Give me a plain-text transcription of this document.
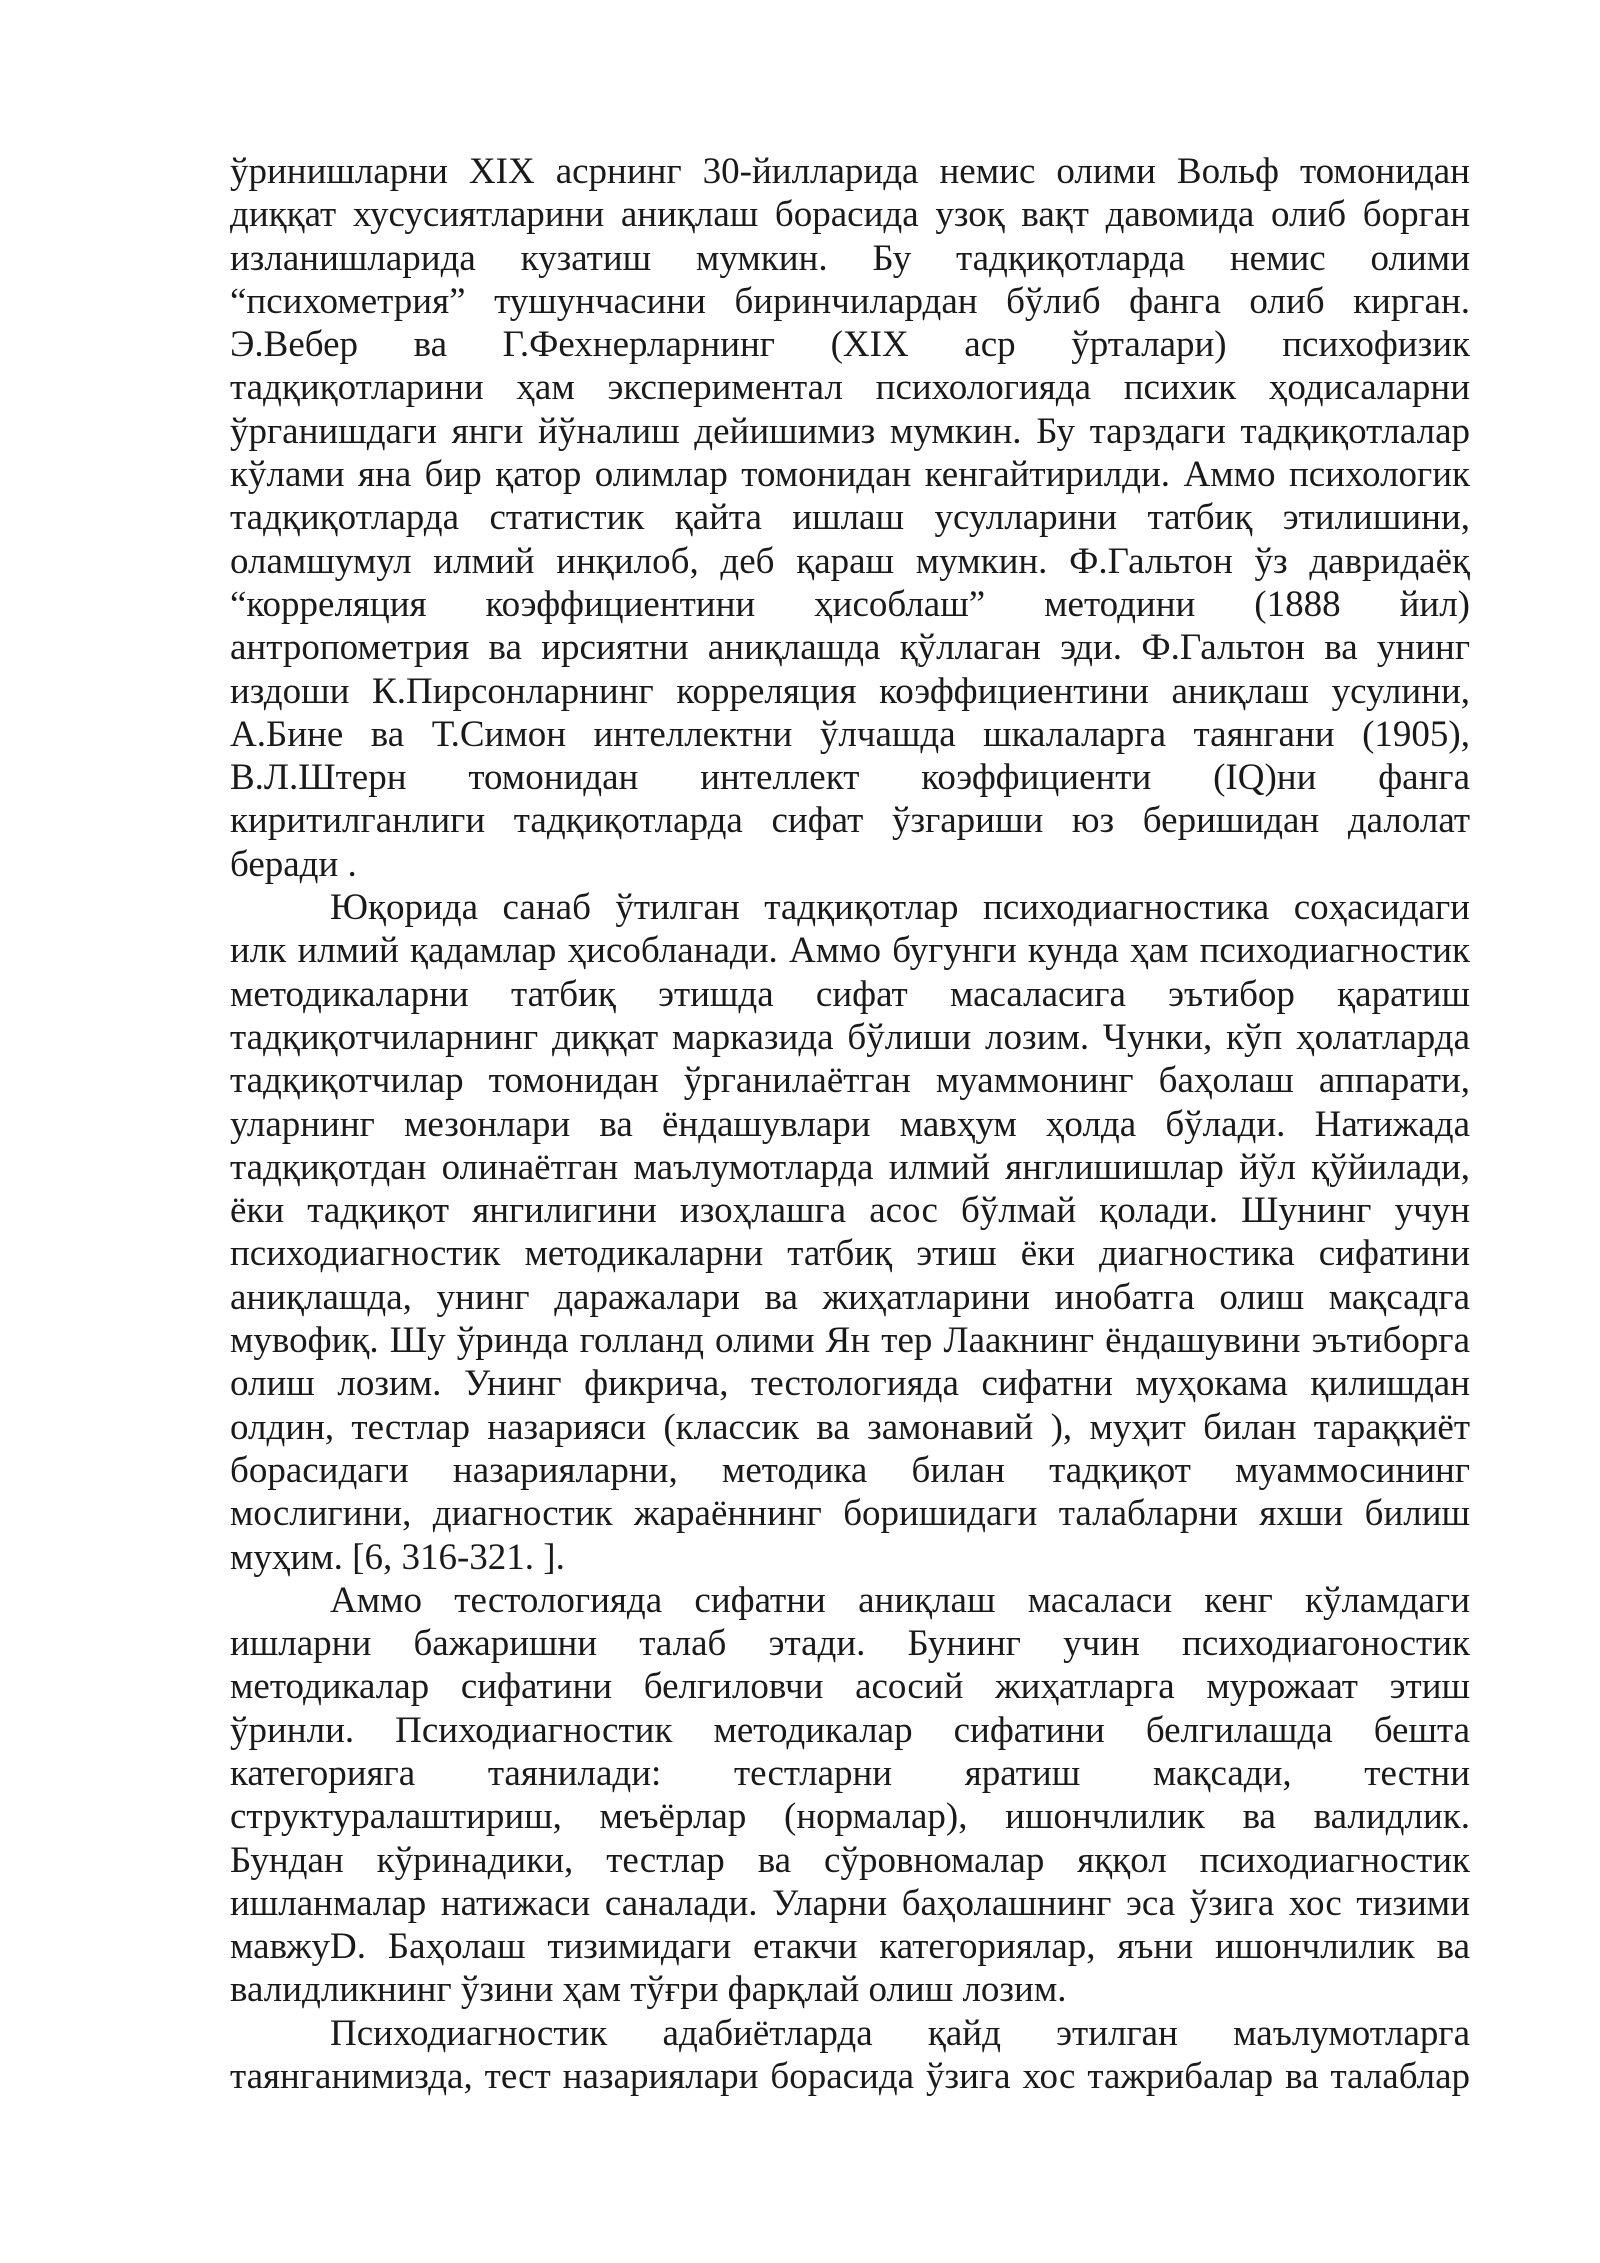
ўринишларни XIX асрнинг 30-йилларида немис олими Вольф томонидан
диққат хусусиятларини аниқлаш борасида узоқ вақт давомида олиб борган
изланишларида кузатиш мумкин. Бу тадқиқотларда немис олими
“психометрия” тушунчасини биринчилардан бўлиб фанга олиб кирган.
Э.Вебер ва Г.Фехнерларнинг (XIX аср ўрталари) психофизик
тадқиқотларини ҳам экспериментал психологияда психик ҳодисаларни
ўрганишдаги янги йўналиш дейишимиз мумкин. Бу тарздаги тадқиқотлалар
кўлами яна бир қатор олимлар томонидан кенгайтирилди. Аммо психологик
тадқиқотларда статистик қайта ишлаш усулларини татбиқ этилишини,
оламшумул илмий инқилоб, деб қараш мумкин. Ф.Гальтон ўз давридаёқ
“корреляция коэффициентини ҳисоблаш” методини (1888 йил)
антропометрия ва ирсиятни аниқлашда қўллаган эди. Ф.Гальтон ва унинг
издоши К.Пирсонларнинг корреляция коэффициентини аниқлаш усулини,
А.Бине ва Т.Симон интеллектни ўлчашда шкалаларга таянгани (1905),
В.Л.Штерн томонидан интеллект коэффициенти (IQ)ни фанга
киритилганлиги тадқиқотларда сифат ўзгариши юз беришидан далолат
беради .
Юқорида санаб ўтилган тадқиқотлар психодиагностика соҳасидаги
илк илмий қадамлар ҳисобланади. Аммо бугунги кунда ҳам психодиагностик
методикаларни татбиқ этишда сифат масаласига эътибор қаратиш
тадқиқотчиларнинг диққат марказида бўлиши лозим. Чунки, кўп ҳолатларда
тадқиқотчилар томонидан ўрганилаётган муаммонинг баҳолаш аппарати,
уларнинг мезонлари ва ёндашувлари мавҳум ҳолда бўлади. Натижада
тадқиқотдан олинаётган маълумотларда илмий янглишишлар йўл қўйилади,
ёки тадқиқот янгилигини изоҳлашга асос бўлмай қолади. Шунинг учун
психодиагностик методикаларни татбиқ этиш ёки диагностика сифатини
аниқлашда, унинг даражалари ва жиҳатларини инобатга олиш мақсадга
мувофиқ. Шу ўринда голланд олими Ян тер Лаакнинг ёндашувини эътиборга
олиш лозим. Унинг фикрича, тестологияда сифатни муҳокама қилишдан
олдин, тестлар назарияси (классик ва замонавий ), муҳит билан тараққиёт
борасидаги назарияларни, методика билан тадқиқот муаммосининг
мослигини, диагностик жараённинг боришидаги талабларни яхши билиш
муҳим. [6, 316-321. ].
Аммо тестологияда сифатни аниқлаш масаласи кенг кўламдаги
ишларни бажаришни талаб этади. Бунинг учин психодиагоностик
методикалар сифатини белгиловчи асосий жиҳатларга мурожаат этиш
ўринли. Психодиагностик методикалар сифатини белгилашда бешта
категорияга таянилади: тестларни яратиш мақсади, тестни
структуралаштириш, меъёрлар (нормалар), ишончлилик ва валидлик.
Бундан кўринадики, тестлар ва сўровномалар яққол психодиагностик
ишланмалар натижаси саналади. Уларни баҳолашнинг эса ўзига хос тизими
мавжуD. Баҳолаш тизимидаги етакчи категориялар, яъни ишончлилик ва
валидликнинг ўзини ҳам тўғри фарқлай олиш лозим.
Психодиагностик адабиётларда қайд этилган маълумотларга
таянганимизда, тест назариялари борасида ўзига хос тажрибалар ва талаблар
